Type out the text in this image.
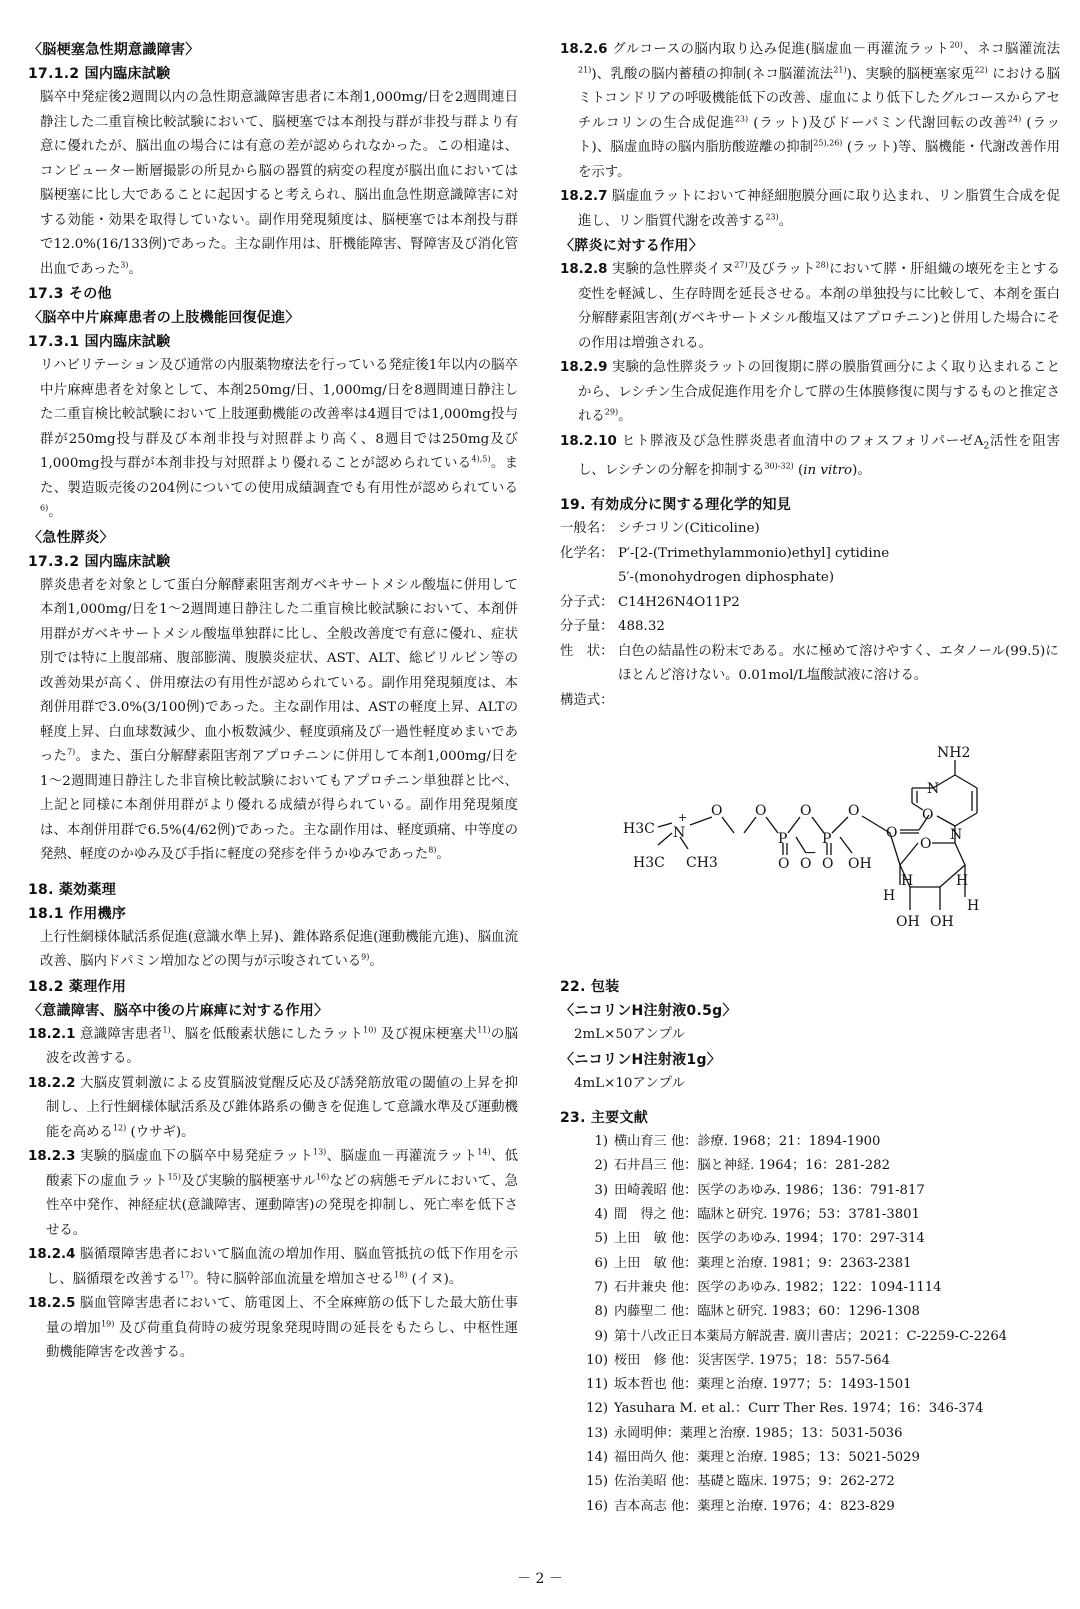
〈脳梗塞急性期意識障害〉
17.1.2 国内臨床試験
脳卒中発症後2週間以内の急性期意識障害患者に本剤1,000mg/日を2週間連日静注した二重盲検比較試験において、脳梗塞では本剤投与群が非投与群より有意に優れたが、脳出血の場合には有意の差が認められなかった。この相違は、コンピューター断層撮影の所見から脳の器質的病変の程度が脳出血においては脳梗塞に比し大であることに起因すると考えられ、脳出血急性期意識障害に対する効能・効果を取得していない。副作用発現頻度は、脳梗塞では本剤投与群で12.0%(16/133例)であった。主な副作用は、肝機能障害、腎障害及び消化管出血であった$^{3)}$。
17.3 その他
〈脳卒中片麻痺患者の上肢機能回復促進〉
17.3.1 国内臨床試験
リハビリテーション及び通常の内服薬物療法を行っている発症後1年以内の脳卒中片麻痺患者を対象として、本剤250mg/日、1,000mg/日を8週間連日静注した二重盲検比較試験において上肢運動機能の改善率は4週目では1,000mg投与群が250mg投与群及び本剤非投与対照群より高く、8週目では250mg及び1,000mg投与群が本剤非投与対照群より優れることが認められている$^{4),5)}$。また、製造販売後の204例についての使用成績調査でも有用性が認められている$^{6)}$。
〈急性膵炎〉
17.3.2 国内臨床試験
膵炎患者を対象として蛋白分解酵素阻害剤ガベキサートメシル酸塩に併用して本剤1,000mg/日を1～2週間連日静注した二重盲検比較試験において、本剤併用群がガベキサートメシル酸塩単独群に比し、全般改善度で有意に優れ、症状別では特に上腹部痛、腹部膨満、腹膜炎症状、AST、ALT、総ビリルビン等の改善効果が高く、併用療法の有用性が認められている。副作用発現頻度は、本剤併用群で3.0%(3/100例)であった。主な副作用は、ASTの軽度上昇、ALTの軽度上昇、白血球数減少、血小板数減少、軽度頭痛及び一過性軽度めまいであった$^{7)}$。また、蛋白分解酵素阻害剤アプロチニンに併用して本剤1,000mg/日を1～2週間連日静注した非盲検比較試験においてもアプロチニン単独群と比べ、上記と同様に本剤併用群がより優れる成績が得られている。副作用発現頻度は、本剤併用群で6.5%(4/62例)であった。主な副作用は、軽度頭痛、中等度の発熱、軽度のかゆみ及び手指に軽度の発疹を伴うかゆみであった$^{8)}$。
18. 薬効薬理
18.1 作用機序
上行性網様体賦活系促進(意識水準上昇)、錐体路系促進(運動機能亢進)、脳血流改善、脳内ドパミン増加などの関与が示唆されている$^{9)}$。
18.2 薬理作用
〈意識障害、脳卒中後の片麻痺に対する作用〉
18.2.1 意識障害患者$^{1)}$、脳を低酸素状態にしたラット$^{10)}$ 及び視床梗塞犬$^{11)}$の脳波を改善する。
18.2.2 大脳皮質刺激による皮質脳波覚醒反応及び誘発筋放電の閾値の上昇を抑制し、上行性網様体賦活系及び錐体路系の働きを促進して意識水準及び運動機能を高める$^{12)}$ (ウサギ)。
18.2.3 実験的脳虚血下の脳卒中易発症ラット$^{13)}$、脳虚血－再灌流ラット$^{14)}$、低酸素下の虚血ラット$^{15)}$及び実験的脳梗塞サル$^{16)}$などの病態モデルにおいて、急性卒中発作、神経症状(意識障害、運動障害)の発現を抑制し、死亡率を低下させる。
18.2.4 脳循環障害患者において脳血流の増加作用、脳血管抵抗の低下作用を示し、脳循環を改善する$^{17)}$。特に脳幹部血流量を増加させる$^{18)}$ (イヌ)。
18.2.5 脳血管障害患者において、筋電図上、不全麻痺筋の低下した最大筋仕事量の増加$^{19)}$ 及び荷重負荷時の疲労現象発現時間の延長をもたらし、中枢性運動機能障害を改善する。
18.2.6 グルコースの脳内取り込み促進(脳虚血－再灌流ラット$^{20)}$、ネコ脳灌流法$^{21)}$)、乳酸の脳内蓄積の抑制(ネコ脳灌流法$^{21)}$)、実験的脳梗塞家兎$^{22)}$ における脳ミトコンドリアの呼吸機能低下の改善、虚血により低下したグルコースからアセチルコリンの生合成促進$^{23)}$ (ラット)及びドーパミン代謝回転の改善$^{24)}$ (ラット)、脳虚血時の脳内脂肪酸遊離の抑制$^{25),26)}$ (ラット)等、脳機能・代謝改善作用を示す。
18.2.7 脳虚血ラットにおいて神経細胞膜分画に取り込まれ、リン脂質生合成を促進し、リン脂質代謝を改善する$^{23)}$。
〈膵炎に対する作用〉
18.2.8 実験的急性膵炎イヌ$^{27)}$及びラット$^{28)}$において膵・肝組織の壊死を主とする変性を軽減し、生存時間を延長させる。本剤の単独投与に比較して、本剤を蛋白分解酵素阻害剤(ガベキサートメシル酸塩又はアプロチニン)と併用した場合にその作用は増強される。
18.2.9 実験的急性膵炎ラットの回復期に膵の膜脂質画分によく取り込まれることから、レシチン生合成促進作用を介して膵の生体膜修復に関与するものと推定される$^{29)}$。
18.2.10 ヒト膵液及び急性膵炎患者血清中のフォスフォリパーゼ$A_2$活性を阻害し、レシチンの分解を抑制する$^{30)-32)}$ (in vitro)。
19. 有効成分に関する理化学的知見
一般名： シチコリン(Citicoline)
化学名： P′-[2-(Trimethylammonio)ethyl] cytidine
5′-(monohydrogen diphosphate)
分子式： C14H26N4O11P2
分子量： 488.32
性　状： 白色の結晶性の粉末である。水に極めて溶けやすく、エタノール(99.5)にほとんど溶けない。0.01mol/L塩酸試液に溶ける。
構造式：
NH2
N
N
O
O
O
H
H
H
H
OH OH
O
P
O
P
O
O
O
O O	OH
−
N
+
H3C
H3C CH3
22. 包装
〈ニコリンH注射液0.5g〉
2mL×50アンプル
〈ニコリンH注射液1g〉
4mL×10アンプル
23. 主要文献
1) 横山育三 他：診療. 1968；21：1894-1900
2) 石井昌三 他：脳と神経. 1964；16：281-282
3) 田崎義昭 他：医学のあゆみ. 1986；136：791-817
4) 間　得之 他：臨牀と研究. 1976；53：3781-3801
5) 上田　敏 他：医学のあゆみ. 1994；170：297-314
6) 上田　敏 他：薬理と治療. 1981；9：2363-2381
7) 石井兼央 他：医学のあゆみ. 1982；122：1094-1114
8) 内藤聖二 他：臨牀と研究. 1983；60：1296-1308
9) 第十八改正日本薬局方解説書. 廣川書店；2021：C-2259-C-2264
10) 桜田　修 他：災害医学. 1975；18：557-564
11) 坂本哲也 他：薬理と治療. 1977；5：1493-1501
12) Yasuhara M. et al.：Curr Ther Res. 1974；16：346-374
13) 永岡明伸：薬理と治療. 1985；13：5031-5036
14) 福田尚久 他：薬理と治療. 1985；13：5021-5029
15) 佐治美昭 他：基礎と臨床. 1975；9：262-272
16) 吉本高志 他：薬理と治療. 1976；4：823-829
－ 2 －
